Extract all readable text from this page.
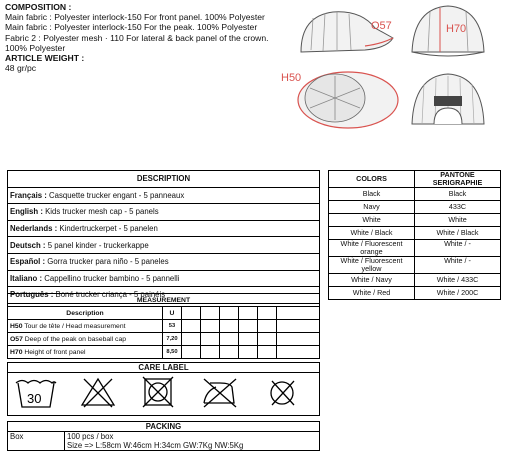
COMPOSITION :
Main fabric : Polyester interlock-150 For front panel. 100% Polyester
Main fabric : Polyester interlock-150 For the peak. 100% Polyester
Fabric 2 : Polyester mesh · 110 For lateral & back panel of the crown. 100% Polyester
ARTICLE WEIGHT :
48 gr/pc
O57	H70
H50
DESCRIPTION
Français : Casquette trucker engant - 5 panneaux
English : Kids trucker mesh cap - 5 panels
Nederlands : Kindertruckerpet - 5 panelen
Deutsch : 5 panel kinder - truckerkappe
Español : Gorra trucker para niño - 5 paneles
Italiano : Cappellino trucker bambino - 5 pannelli
Português : Boné trucker criança - 5 painéis
COLORS	PANTONE SERIGRAPHIE
Black	Black
Navy	433C
White	White
White / Black	White / Black
White / Fluorescent orange	White / -
White / Fluorescent yellow	White / -
White / Navy	White / 433C
White / Red	White / 200C
MEASUREMENT							
Description	U						
H50 Tour de tête / Head measurement	53						
O57 Deep of the peak on baseball cap	7,20						
H70 Height of front panel	8,50						
CARE LABEL

30
PACKING
Box	100 pcs / box
Size => L:58cm W:46cm H:34cm GW:7Kg NW:5Kg
